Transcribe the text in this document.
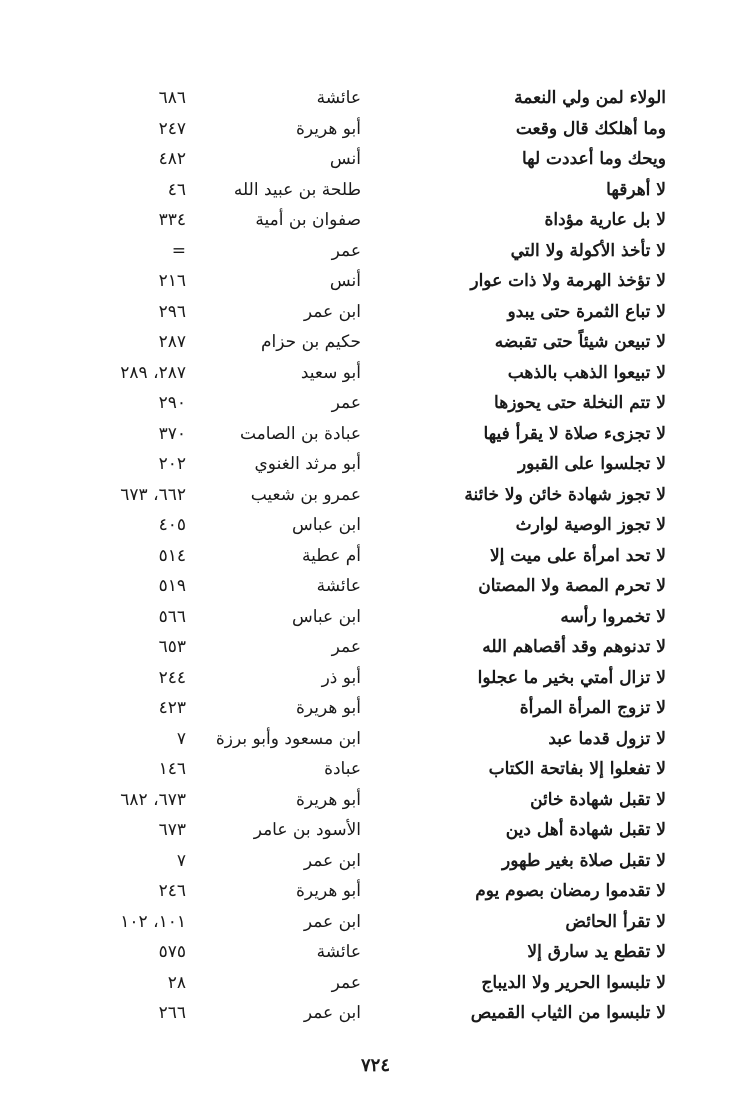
الولاء لمن ولي النعمة
عائشة
٦٨٦
وما أهلكك قال وقعت
أبو هريرة
٢٤٧
ويحك وما أعددت لها
أنس
٤٨٢
لا أهرقها
طلحة بن عبيد الله
٤٦
لا بل عارية مؤداة
صفوان بن أمية
٣٣٤
لا تأخذ الأكولة ولا التي
عمر
=
لا تؤخذ الهرمة ولا ذات عوار
أنس
٢١٦
لا تباع الثمرة حتى يبدو
ابن عمر
٢٩٦
لا تبيعن شيئاً حتى تقبضه
حكيم بن حزام
٢٨٧
لا تبيعوا الذهب بالذهب
أبو سعيد
٢٨٧، ٢٨٩
لا تتم النخلة حتى يحوزها
عمر
٢٩٠
لا تجزىء صلاة لا يقرأ فيها
عبادة بن الصامت
٣٧٠
لا تجلسوا على القبور
أبو مرثد الغنوي
٢٠٢
لا تجوز شهادة خائن ولا خائنة
عمرو بن شعيب
٦٦٢، ٦٧٣
لا تجوز الوصية لوارث
ابن عباس
٤٠٥
لا تحد امرأة على ميت إلا
أم عطية
٥١٤
لا تحرم المصة ولا المصتان
عائشة
٥١٩
لا تخمروا رأسه
ابن عباس
٥٦٦
لا تدنوهم وقد أقصاهم الله
عمر
٦٥٣
لا تزال أمتي بخير ما عجلوا
أبو ذر
٢٤٤
لا تزوج المرأة المرأة
أبو هريرة
٤٢٣
لا تزول قدما عبد
ابن مسعود وأبو برزة
٧
لا تفعلوا إلا بفاتحة الكتاب
عبادة
١٤٦
لا تقبل شهادة خائن
أبو هريرة
٦٧٣، ٦٨٢
لا تقبل شهادة أهل دين
الأسود بن عامر
٦٧٣
لا تقبل صلاة بغير طهور
ابن عمر
٧
لا تقدموا رمضان بصوم يوم
أبو هريرة
٢٤٦
لا تقرأ الحائض
ابن عمر
١٠١، ١٠٢
لا تقطع يد سارق إلا
عائشة
٥٧٥
لا تلبسوا الحرير ولا الديباج
عمر
٢٨
لا تلبسوا من الثياب القميص
ابن عمر
٢٦٦
٧٢٤
